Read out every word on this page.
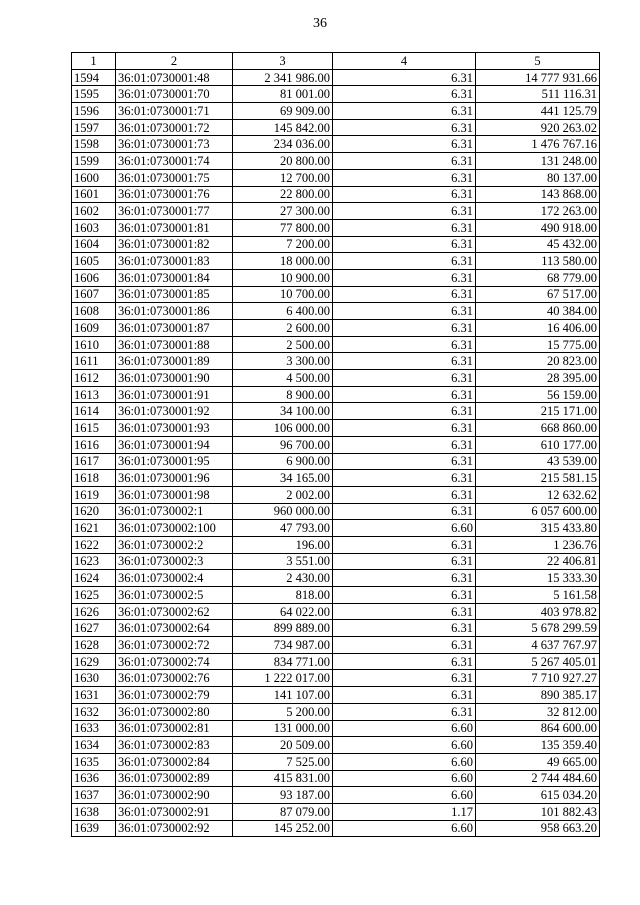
36
1	2	3	4	5
1594	36:01:0730001:48	2 341 986.00	6.31	14 777 931.66
1595	36:01:0730001:70	81 001.00	6.31	511 116.31
1596	36:01:0730001:71	69 909.00	6.31	441 125.79
1597	36:01:0730001:72	145 842.00	6.31	920 263.02
1598	36:01:0730001:73	234 036.00	6.31	1 476 767.16
1599	36:01:0730001:74	20 800.00	6.31	131 248.00
1600	36:01:0730001:75	12 700.00	6.31	80 137.00
1601	36:01:0730001:76	22 800.00	6.31	143 868.00
1602	36:01:0730001:77	27 300.00	6.31	172 263.00
1603	36:01:0730001:81	77 800.00	6.31	490 918.00
1604	36:01:0730001:82	7 200.00	6.31	45 432.00
1605	36:01:0730001:83	18 000.00	6.31	113 580.00
1606	36:01:0730001:84	10 900.00	6.31	68 779.00
1607	36:01:0730001:85	10 700.00	6.31	67 517.00
1608	36:01:0730001:86	6 400.00	6.31	40 384.00
1609	36:01:0730001:87	2 600.00	6.31	16 406.00
1610	36:01:0730001:88	2 500.00	6.31	15 775.00
1611	36:01:0730001:89	3 300.00	6.31	20 823.00
1612	36:01:0730001:90	4 500.00	6.31	28 395.00
1613	36:01:0730001:91	8 900.00	6.31	56 159.00
1614	36:01:0730001:92	34 100.00	6.31	215 171.00
1615	36:01:0730001:93	106 000.00	6.31	668 860.00
1616	36:01:0730001:94	96 700.00	6.31	610 177.00
1617	36:01:0730001:95	6 900.00	6.31	43 539.00
1618	36:01:0730001:96	34 165.00	6.31	215 581.15
1619	36:01:0730001:98	2 002.00	6.31	12 632.62
1620	36:01:0730002:1	960 000.00	6.31	6 057 600.00
1621	36:01:0730002:100	47 793.00	6.60	315 433.80
1622	36:01:0730002:2	196.00	6.31	1 236.76
1623	36:01:0730002:3	3 551.00	6.31	22 406.81
1624	36:01:0730002:4	2 430.00	6.31	15 333.30
1625	36:01:0730002:5	818.00	6.31	5 161.58
1626	36:01:0730002:62	64 022.00	6.31	403 978.82
1627	36:01:0730002:64	899 889.00	6.31	5 678 299.59
1628	36:01:0730002:72	734 987.00	6.31	4 637 767.97
1629	36:01:0730002:74	834 771.00	6.31	5 267 405.01
1630	36:01:0730002:76	1 222 017.00	6.31	7 710 927.27
1631	36:01:0730002:79	141 107.00	6.31	890 385.17
1632	36:01:0730002:80	5 200.00	6.31	32 812.00
1633	36:01:0730002:81	131 000.00	6.60	864 600.00
1634	36:01:0730002:83	20 509.00	6.60	135 359.40
1635	36:01:0730002:84	7 525.00	6.60	49 665.00
1636	36:01:0730002:89	415 831.00	6.60	2 744 484.60
1637	36:01:0730002:90	93 187.00	6.60	615 034.20
1638	36:01:0730002:91	87 079.00	1.17	101 882.43
1639	36:01:0730002:92	145 252.00	6.60	958 663.20
